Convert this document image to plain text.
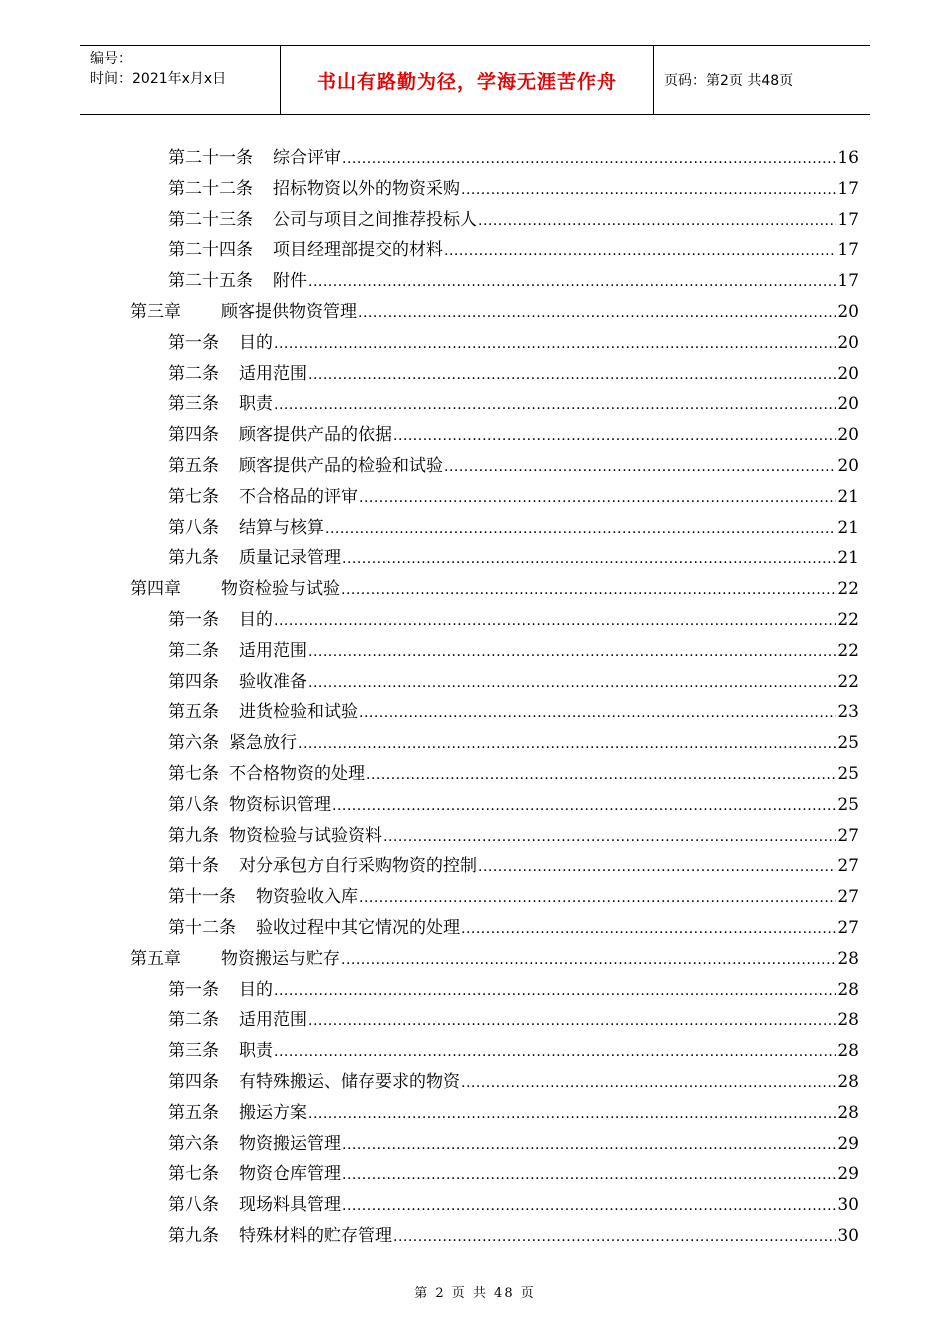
编号：
时间：2021年x月x日	书山有路勤为径，学海无涯苦作舟	页码：第2页 共48页
第二十一条 综合评审 .....	16
第二十二条 招标物资以外的物资采购 .....	17
第二十三条 公司与项目之间推荐投标人 .....	17
第二十四条 项目经理部提交的材料 .....	17
第二十五条 附件 .....	17
第三章 顾客提供物资管理 .....	20
第一条 目的 .....	20
第二条 适用范围 .....	20
第三条 职责 .....	20
第四条 顾客提供产品的依据 .....	20
第五条 顾客提供产品的检验和试验 .....	20
第七条 不合格品的评审 .....	21
第八条 结算与核算 .....	21
第九条 质量记录管理 .....	21
第四章 物资检验与试验 .....	22
第一条 目的 .....	22
第二条 适用范围 .....	22
第四条 验收准备 .....	22
第五条 进货检验和试验 .....	23
第六条 紧急放行 .....	25
第七条 不合格物资的处理 .....	25
第八条 物资标识管理 .....	25
第九条 物资检验与试验资料 .....	27
第十条 对分承包方自行采购物资的控制 .....	27
第十一条 物资验收入库 .....	27
第十二条 验收过程中其它情况的处理 .....	27
第五章 物资搬运与贮存 .....	28
第一条 目的 .....	28
第二条 适用范围 .....	28
第三条 职责 .....	28
第四条 有特殊搬运、储存要求的物资 .....	28
第五条 搬运方案 .....	28
第六条 物资搬运管理 .....	29
第七条 物资仓库管理 .....	29
第八条 现场料具管理 .....	30
第九条 特殊材料的贮存管理 .....	30
第 2 页 共 48 页
